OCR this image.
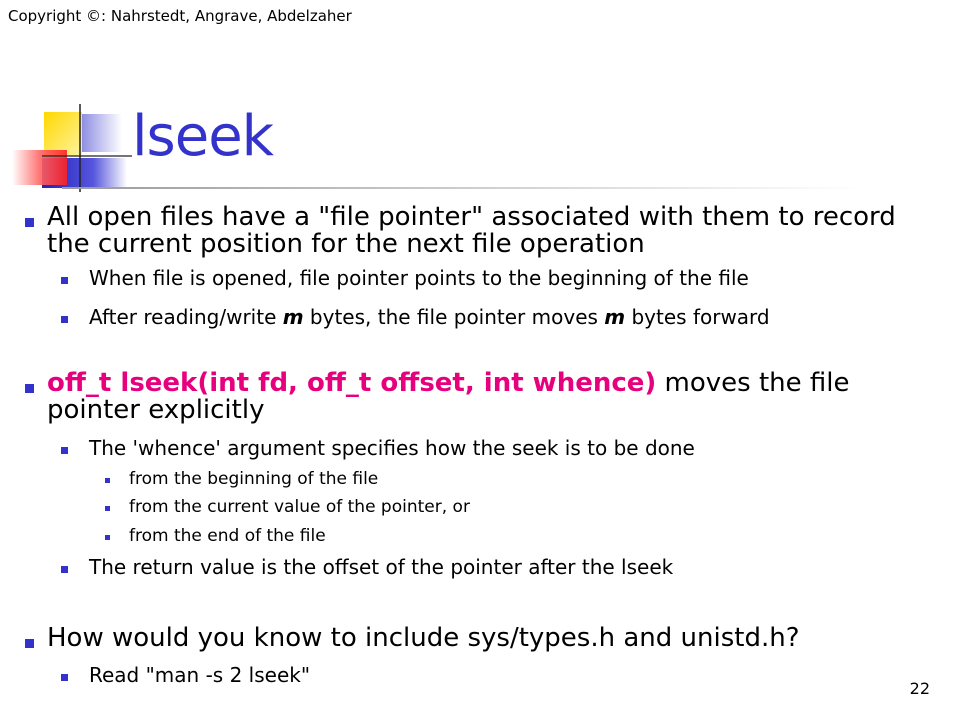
Copyright ©: Nahrstedt, Angrave, Abdelzaher
lseek
All open files have a "file pointer" associated with them to record the current position for the next file operation
When file is opened, file pointer points to the beginning of the file
After reading/write m bytes, the file pointer moves m bytes forward
off_t lseek(int fd, off_t offset, int whence) moves the file pointer explicitly
The 'whence' argument specifies how the seek is to be done
from the beginning of the file
from the current value of the pointer, or
from the end of the file
The return value is the offset of the pointer after the lseek
How would you know to include sys/types.h and unistd.h?
Read "man -s 2 lseek"
22
